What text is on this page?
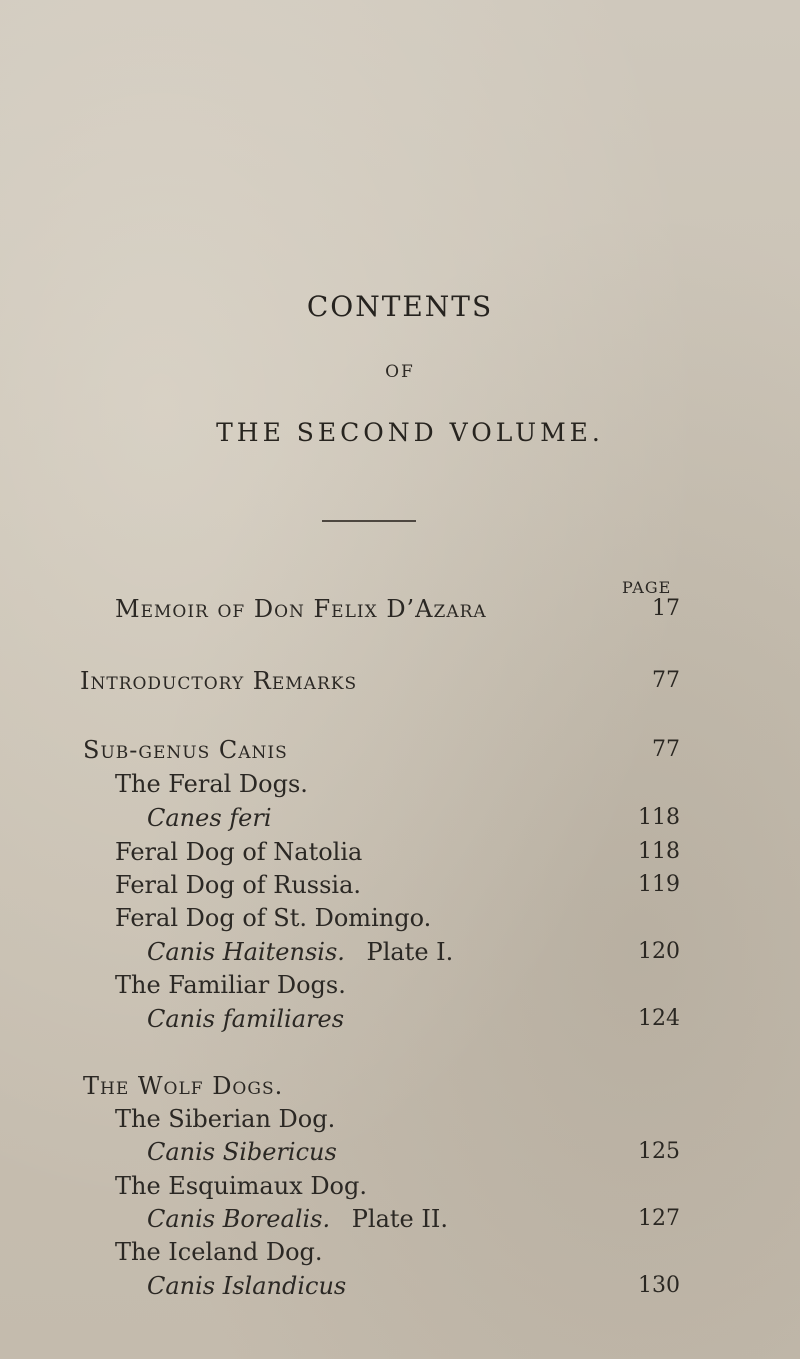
CONTENTS
OF
THE SECOND VOLUME.
PAGE
Memoir of Don Felix D’Azara	17
Introductory Remarks	77
Sub-genus Canis	77
The Feral Dogs.
Canes feri	118
Feral Dog of Natolia	118
Feral Dog of Russia.	119
Feral Dog of St. Domingo.
Canis Haitensis. Plate I.	120
The Familiar Dogs.
Canis familiares	124
The Wolf Dogs.
The Siberian Dog.
Canis Sibericus	125
The Esquimaux Dog.
Canis Borealis. Plate II.	127
The Iceland Dog.
Canis Islandicus	130
